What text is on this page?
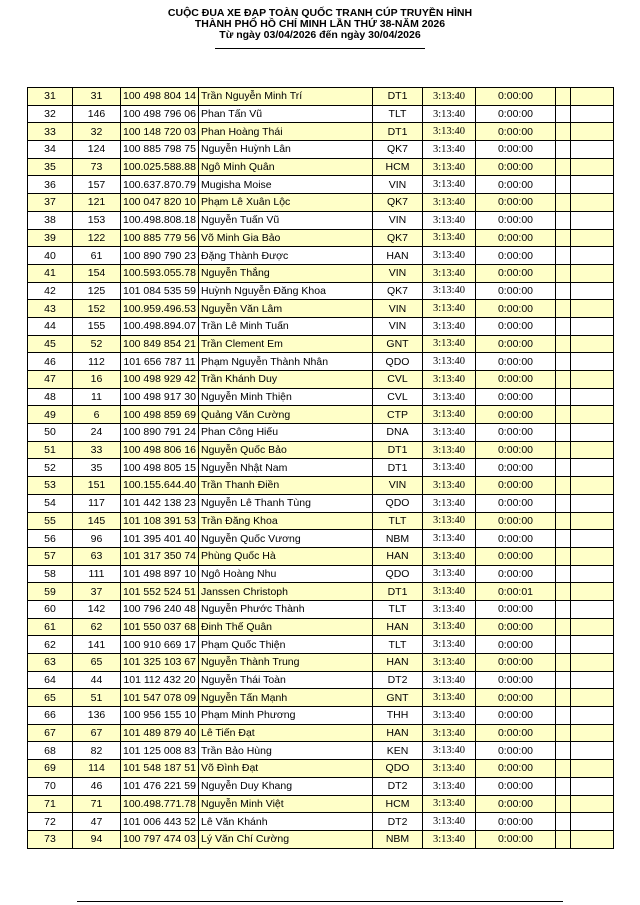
CUỘC ĐUA XE ĐẠP TOÀN QUỐC TRANH CÚP TRUYỀN HÌNH
THÀNH PHỐ HỒ CHÍ MINH LẦN THỨ 38-NĂM 2026
Từ ngày 03/04/2026 đến ngày 30/04/2026
31	31	100 498 804 14	Trần Nguyễn Minh Trí	DT1	3:13:40	0:00:00		
32	146	100 498 796 06	Phan Tấn Vũ	TLT	3:13:40	0:00:00		
33	32	100 148 720 03	Phan Hoàng Thái	DT1	3:13:40	0:00:00		
34	124	100 885 798 75	Nguyễn Huỳnh Lân	QK7	3:13:40	0:00:00		
35	73	100.025.588.88	Ngô Minh Quân	HCM	3:13:40	0:00:00		
36	157	100.637.870.79	Mugisha Moise	VIN	3:13:40	0:00:00		
37	121	100 047 820 10	Phạm Lê Xuân Lộc	QK7	3:13:40	0:00:00		
38	153	100.498.808.18	Nguyễn Tuấn Vũ	VIN	3:13:40	0:00:00		
39	122	100 885 779 56	Võ Minh Gia Bảo	QK7	3:13:40	0:00:00		
40	61	100 890 790 23	Đặng Thành Được	HAN	3:13:40	0:00:00		
41	154	100.593.055.78	Nguyễn Thắng	VIN	3:13:40	0:00:00		
42	125	101 084 535 59	Huỳnh Nguyễn Đăng Khoa	QK7	3:13:40	0:00:00		
43	152	100.959.496.53	Nguyễn Văn Lâm	VIN	3:13:40	0:00:00		
44	155	100.498.894.07	Trần Lê Minh Tuấn	VIN	3:13:40	0:00:00		
45	52	100 849 854 21	Trần Clement Em	GNT	3:13:40	0:00:00		
46	112	101 656 787 11	Phạm Nguyễn Thành Nhân	QDO	3:13:40	0:00:00		
47	16	100 498 929 42	Trần Khánh Duy	CVL	3:13:40	0:00:00		
48	11	100 498 917 30	Nguyễn Minh Thiện	CVL	3:13:40	0:00:00		
49	6	100 498 859 69	Quảng Văn Cường	CTP	3:13:40	0:00:00		
50	24	100 890 791 24	Phan Công Hiếu	DNA	3:13:40	0:00:00		
51	33	100 498 806 16	Nguyễn Quốc Bảo	DT1	3:13:40	0:00:00		
52	35	100 498 805 15	Nguyễn Nhật Nam	DT1	3:13:40	0:00:00		
53	151	100.155.644.40	Trần Thanh Điền	VIN	3:13:40	0:00:00		
54	117	101 442 138 23	Nguyễn Lê Thanh Tùng	QDO	3:13:40	0:00:00		
55	145	101 108 391 53	Trần Đăng Khoa	TLT	3:13:40	0:00:00		
56	96	101 395 401 40	Nguyễn Quốc Vương	NBM	3:13:40	0:00:00		
57	63	101 317 350 74	Phùng Quốc Hà	HAN	3:13:40	0:00:00		
58	111	101 498 897 10	Ngô Hoàng Nhu	QDO	3:13:40	0:00:00		
59	37	101 552 524 51	Janssen Christoph	DT1	3:13:40	0:00:01		
60	142	100 796 240 48	Nguyễn Phước Thành	TLT	3:13:40	0:00:00		
61	62	101 550 037 68	Đinh Thế Quân	HAN	3:13:40	0:00:00		
62	141	100 910 669 17	Phạm Quốc Thiện	TLT	3:13:40	0:00:00		
63	65	101 325 103 67	Nguyễn Thành Trung	HAN	3:13:40	0:00:00		
64	44	101 112 432 20	Nguyễn Thái Toàn	DT2	3:13:40	0:00:00		
65	51	101 547 078 09	Nguyễn Tấn Mạnh	GNT	3:13:40	0:00:00		
66	136	100 956 155 10	Phạm Minh Phương	THH	3:13:40	0:00:00		
67	67	101 489 879 40	Lê Tiến Đạt	HAN	3:13:40	0:00:00		
68	82	101 125 008 83	Trần Bảo Hùng	KEN	3:13:40	0:00:00		
69	114	101 548 187 51	Võ Đình Đạt	QDO	3:13:40	0:00:00		
70	46	101 476 221 59	Nguyễn Duy Khang	DT2	3:13:40	0:00:00		
71	71	100.498.771.78	Nguyễn Minh Việt	HCM	3:13:40	0:00:00		
72	47	101 006 443 52	Lê Văn Khánh	DT2	3:13:40	0:00:00		
73	94	100 797 474 03	Lý Văn Chí Cường	NBM	3:13:40	0:00:00		
